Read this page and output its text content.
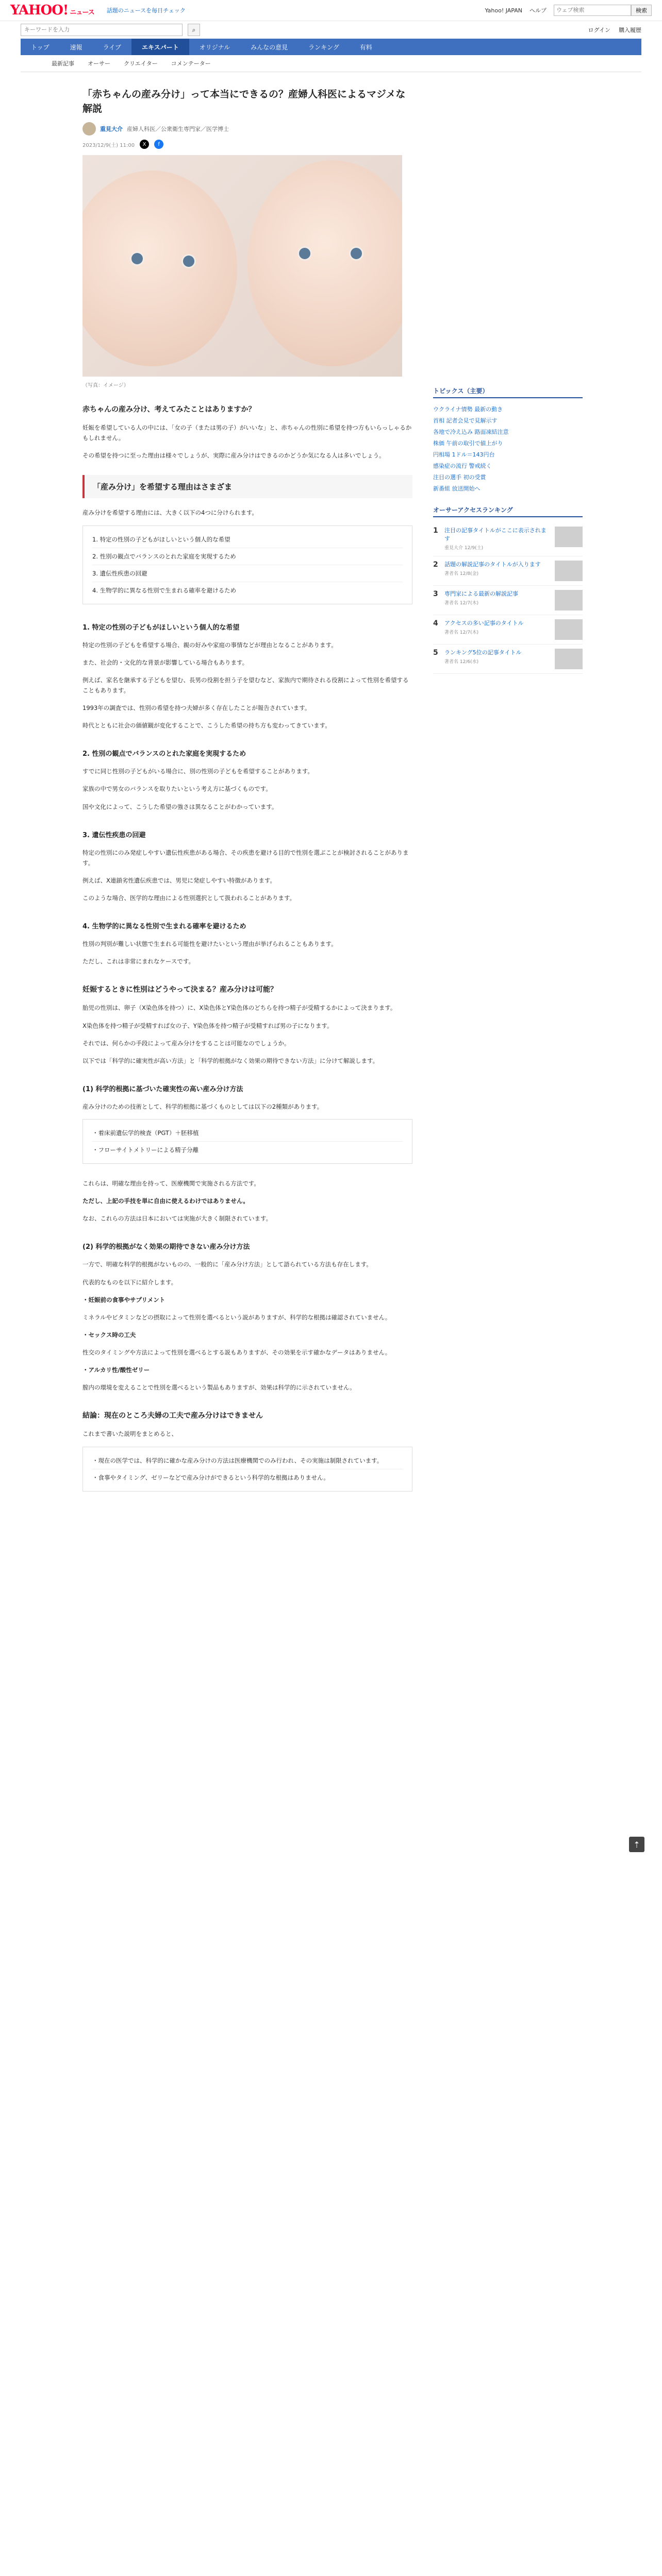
YAHOO! ニュース 話題のニュースを毎日チェック	Yahoo! JAPAN ヘルプ
ウェブ検索	検索
キーワードを入力
⌕	ログイン 購入履歴
トップ	速報	ライブ	エキスパート	オリジナル	みんなの意見	ランキング	有料
最新記事 オーサー クリエイター コメンテーター
「赤ちゃんの産み分け」って本当にできるの？産婦人科医によるマジメな解説
重見大介 産婦人科医／公衆衛生専門家／医学博士
2023/12/9(土) 11:00	X	f
（写真：イメージ）
赤ちゃんの産み分け、考えてみたことはありますか？

妊娠を希望している人の中には、「女の子（または男の子）がいいな」と、赤ちゃんの性別に希望を持つ方もいらっしゃるかもしれません。

その希望を持つに至った理由は様々でしょうが、実際に産み分けはできるのかどうか気になる人は多いでしょう。

「産み分け」を希望する理由はさまざま

産み分けを希望する理由には、大きく以下の4つに分けられます。

1. 特定の性別の子どもがほしいという個人的な希望
2. 性別の観点でバランスのとれた家庭を実現するため
3. 遺伝性疾患の回避
4. 生物学的に異なる性別で生まれる確率を避けるため
1. 特定の性別の子どもがほしいという個人的な希望

特定の性別の子どもを希望する場合、親の好みや家庭の事情などが理由となることがあります。

また、社会的・文化的な背景が影響している場合もあります。

例えば、家名を継承する子どもを望む、長男の役割を担う子を望むなど、家族内で期待される役割によって性別を希望することもあります。

1993年の調査では、性別の希望を持つ夫婦が多く存在したことが報告されています。

時代とともに社会の価値観が変化することで、こうした希望の持ち方も変わってきています。

2. 性別の観点でバランスのとれた家庭を実現するため

すでに同じ性別の子どもがいる場合に、別の性別の子どもを希望することがあります。

家族の中で男女のバランスを取りたいという考え方に基づくものです。

国や文化によって、こうした希望の強さは異なることがわかっています。

3. 遺伝性疾患の回避

特定の性別にのみ発症しやすい遺伝性疾患がある場合、その疾患を避ける目的で性別を選ぶことが検討されることがあります。

例えば、X連鎖劣性遺伝疾患では、男児に発症しやすい特徴があります。

このような場合、医学的な理由による性別選択として扱われることがあります。

4. 生物学的に異なる性別で生まれる確率を避けるため

性別の判別が難しい状態で生まれる可能性を避けたいという理由が挙げられることもあります。

ただし、これは非常にまれなケースです。

妊娠するときに性別はどうやって決まる？産み分けは可能？

胎児の性別は、卵子（X染色体を持つ）に、X染色体とY染色体のどちらを持つ精子が受精するかによって決まります。

X染色体を持つ精子が受精すれば女の子、Y染色体を持つ精子が受精すれば男の子になります。

それでは、何らかの手段によって産み分けをすることは可能なのでしょうか。

以下では「科学的に確実性が高い方法」と「科学的根拠がなく効果の期待できない方法」に分けて解説します。

(1) 科学的根拠に基づいた確実性の高い産み分け方法

産み分けのための技術として、科学的根拠に基づくものとしては以下の2種類があります。

・着床前遺伝学的検査（PGT）＋胚移植
・フローサイトメトリーによる精子分離

これらは、明確な理由を持って、医療機関で実施される方法です。

ただし、上記の手技を単に自由に使えるわけではありません。

なお、これらの方法は日本においては実施が大きく制限されています。

(2) 科学的根拠がなく効果の期待できない産み分け方法

一方で、明確な科学的根拠がないものの、一般的に「産み分け方法」として語られている方法も存在します。

代表的なものを以下に紹介します。

・妊娠前の食事やサプリメント

ミネラルやビタミンなどの摂取によって性別を選べるという説がありますが、科学的な根拠は確認されていません。

・セックス時の工夫

性交のタイミングや方法によって性別を選べるとする説もありますが、その効果を示す確かなデータはありません。

・アルカリ性/酸性ゼリー

膣内の環境を変えることで性別を選べるという製品もありますが、効果は科学的に示されていません。

結論：現在のところ夫婦の工夫で産み分けはできません

これまで書いた説明をまとめると、

・現在の医学では、科学的に確かな産み分けの方法は医療機関でのみ行われ、その実施は制限されています。
・食事やタイミング、ゼリーなどで産み分けができるという科学的な根拠はありません。
トピックス（主要）
ウクライナ情勢 最新の動き
首相 記者会見で見解示す
各地で冷え込み 路面凍結注意
株価 午前の取引で値上がり
円相場 1ドル＝143円台
感染症の流行 警戒続く
注目の選手 初の受賞
新番組 放送開始へ
オーサーアクセスランキング
1	注目の記事タイトルがここに表示されます
重見大介 12/9(土)
2	話題の解説記事のタイトルが入ります
著者名 12/8(金)
3	専門家による最新の解説記事
著者名 12/7(木)
4	アクセスの多い記事のタイトル
著者名 12/7(木)
5	ランキング5位の記事タイトル
著者名 12/6(水)
⇡
